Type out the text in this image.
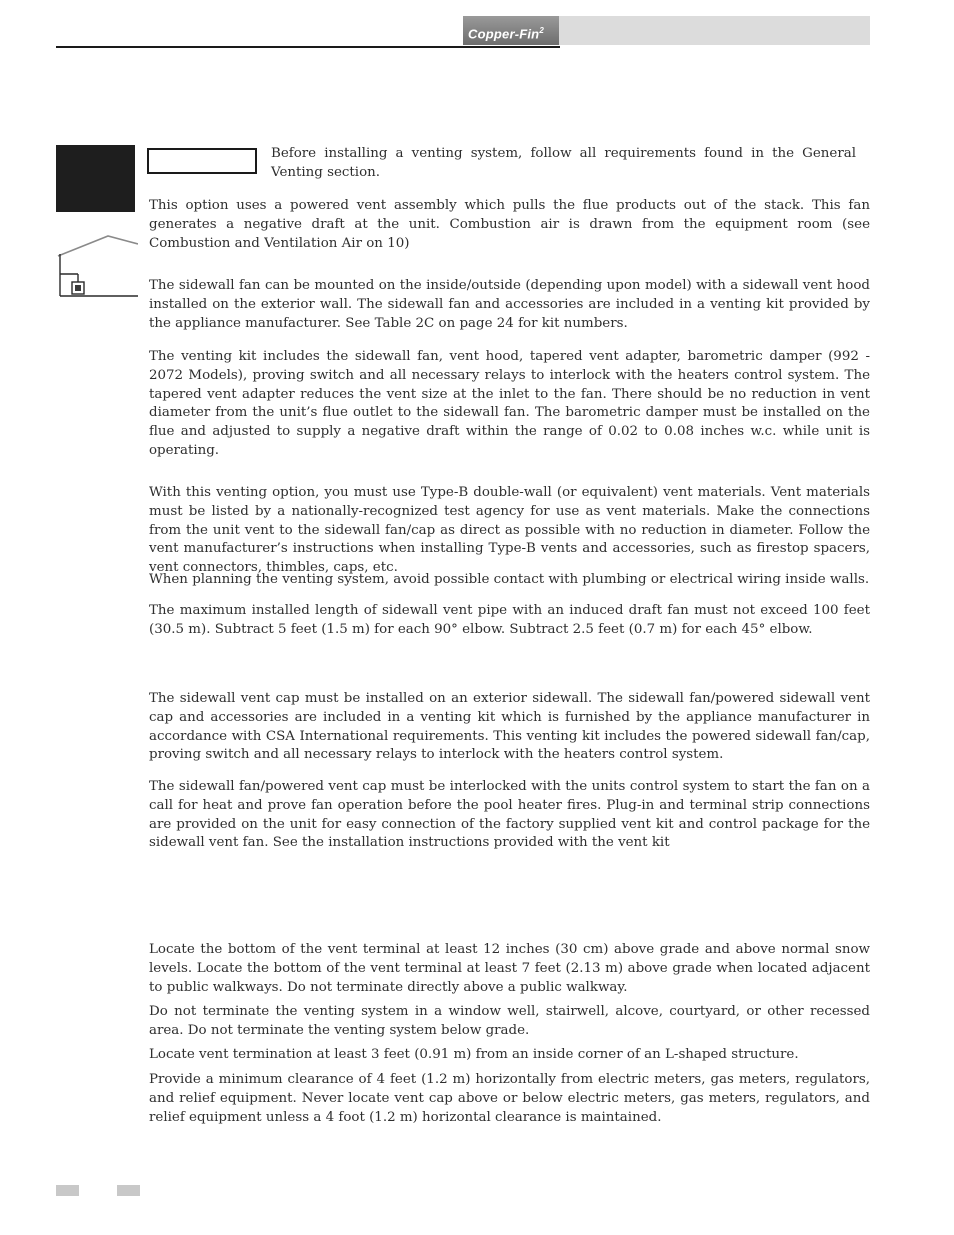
Copper-Fin$^2$

Before installing a venting system, follow all requirements found in the General Venting section.

This option uses a powered vent assembly which pulls the flue products out of the stack. This fan generates a negative draft at the unit. Combustion air is drawn from the equipment room (see Combustion and Ventilation Air on 10)

The sidewall fan can be mounted on the inside/outside (depending upon model) with a sidewall vent hood installed on the exterior wall. The sidewall fan and accessories are included in a venting kit provided by the appliance manufacturer. See Table 2C on page 24 for kit numbers.

The venting kit includes the sidewall fan, vent hood, tapered vent adapter, barometric damper (992 - 2072 Models), proving switch and all necessary relays to interlock with the heaters control system. The tapered vent adapter reduces the vent size at the inlet to the fan. There should be no reduction in vent diameter from the unit’s flue outlet to the sidewall fan. The barometric damper must be installed on the flue and adjusted to supply a negative draft within the range of 0.02 to 0.08 inches w.c. while unit is operating.

With this venting option, you must use Type-B double-wall (or equivalent) vent materials. Vent materials must be listed by a nationally-recognized test agency for use as vent materials. Make the connections from the unit vent to the sidewall fan/cap as direct as possible with no reduction in diameter. Follow the vent manufacturer’s instructions when installing Type-B vents and accessories, such as firestop spacers, vent connectors, thimbles, caps, etc.

When planning the venting system, avoid possible contact with plumbing or electrical wiring inside walls.

The maximum installed length of sidewall vent pipe with an induced draft fan must not exceed 100 feet (30.5 m). Subtract 5 feet (1.5 m) for each 90° elbow. Subtract 2.5 feet (0.7 m) for each 45° elbow.

The sidewall vent cap must be installed on an exterior sidewall. The sidewall fan/powered sidewall vent cap and accessories are included in a venting kit which is furnished by the appliance manufacturer in accordance with CSA International requirements. This venting kit includes the powered sidewall fan/cap, proving switch and all necessary relays to interlock with the heaters control system.

The sidewall fan/powered vent cap must be interlocked with the units control system to start the fan on a call for heat and prove fan operation before the pool heater fires. Plug-in and terminal strip connections are provided on the unit for easy connection of the factory supplied vent kit and control package for the sidewall vent fan. See the installation instructions provided with the vent kit

Locate the bottom of the vent terminal at least 12 inches (30 cm) above grade and above normal snow levels. Locate the bottom of the vent terminal at least 7 feet (2.13 m) above grade when located adjacent to public walkways. Do not terminate directly above a public walkway.

Do not terminate the venting system in a window well, stairwell, alcove, courtyard, or other recessed area. Do not terminate the venting system below grade.

Locate vent termination at least 3 feet (0.91 m) from an inside corner of an L-shaped structure.

Provide a minimum clearance of 4 feet (1.2 m) horizontally from electric meters, gas meters, regulators, and relief equipment. Never locate vent cap above or below electric meters, gas meters, regulators, and relief equipment unless a 4 foot (1.2 m) horizontal clearance is maintained.
